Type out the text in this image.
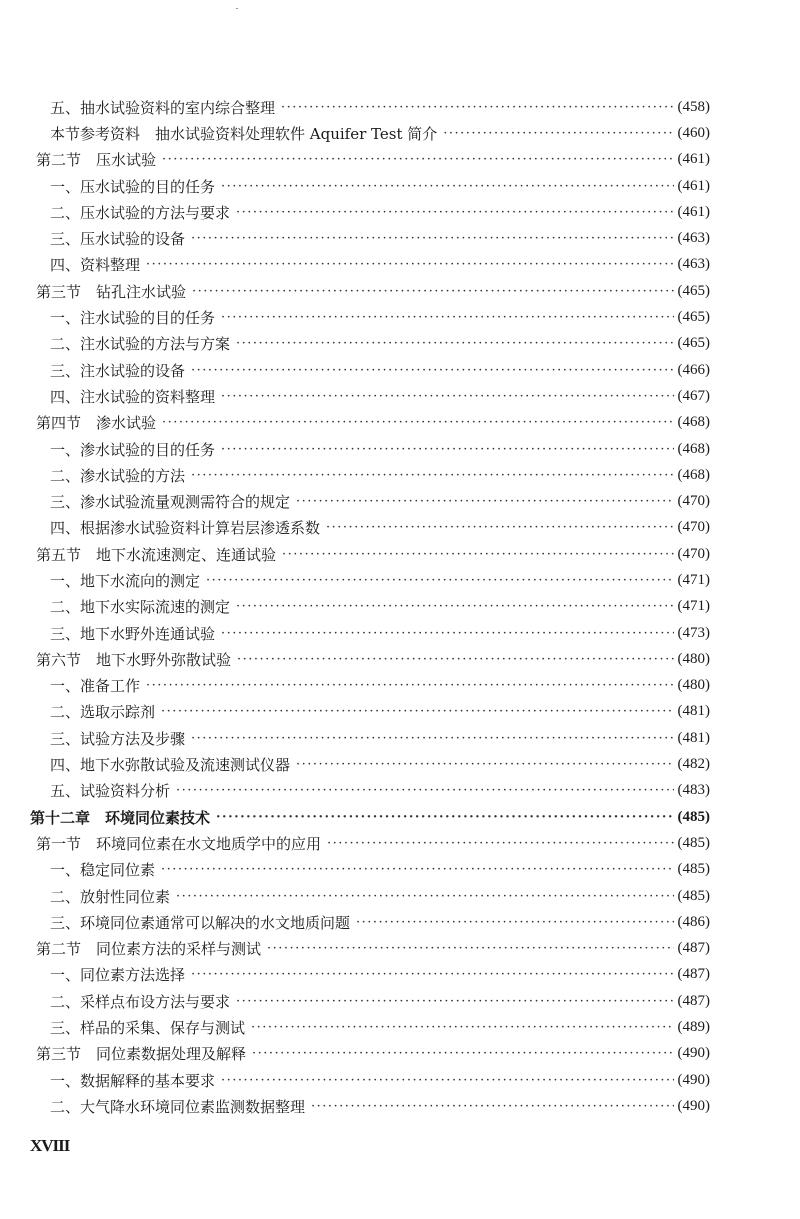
五、抽水试验资料的室内综合整理 ·····	(458)
本节参考资料　抽水试验资料处理软件 Aquifer Test 简介 ·····	(460)
第二节　压水试验 ·····	(461)
一、压水试验的目的任务 ·····	(461)
二、压水试验的方法与要求 ·····	(461)
三、压水试验的设备 ·····	(463)
四、资料整理 ·····	(463)
第三节　钻孔注水试验 ·····	(465)
一、注水试验的目的任务 ·····	(465)
二、注水试验的方法与方案 ·····	(465)
三、注水试验的设备 ·····	(466)
四、注水试验的资料整理 ·····	(467)
第四节　渗水试验 ·····	(468)
一、渗水试验的目的任务 ·····	(468)
二、渗水试验的方法 ·····	(468)
三、渗水试验流量观测需符合的规定 ·····	(470)
四、根据渗水试验资料计算岩层渗透系数 ·····	(470)
第五节　地下水流速测定、连通试验 ·····	(470)
一、地下水流向的测定 ·····	(471)
二、地下水实际流速的测定 ·····	(471)
三、地下水野外连通试验 ·····	(473)
第六节　地下水野外弥散试验 ·····	(480)
一、准备工作 ·····	(480)
二、选取示踪剂 ·····	(481)
三、试验方法及步骤 ·····	(481)
四、地下水弥散试验及流速测试仪器 ·····	(482)
五、试验资料分析 ·····	(483)
第十二章　环境同位素技术 ·····	(485)
第一节　环境同位素在水文地质学中的应用 ·····	(485)
一、稳定同位素 ·····	(485)
二、放射性同位素 ·····	(485)
三、环境同位素通常可以解决的水文地质问题 ·····	(486)
第二节　同位素方法的采样与测试 ·····	(487)
一、同位素方法选择 ·····	(487)
二、采样点布设方法与要求 ·····	(487)
三、样品的采集、保存与测试 ·····	(489)
第三节　同位素数据处理及解释 ·····	(490)
一、数据解释的基本要求 ·····	(490)
二、大气降水环境同位素监测数据整理 ·····	(490)
XVIII
